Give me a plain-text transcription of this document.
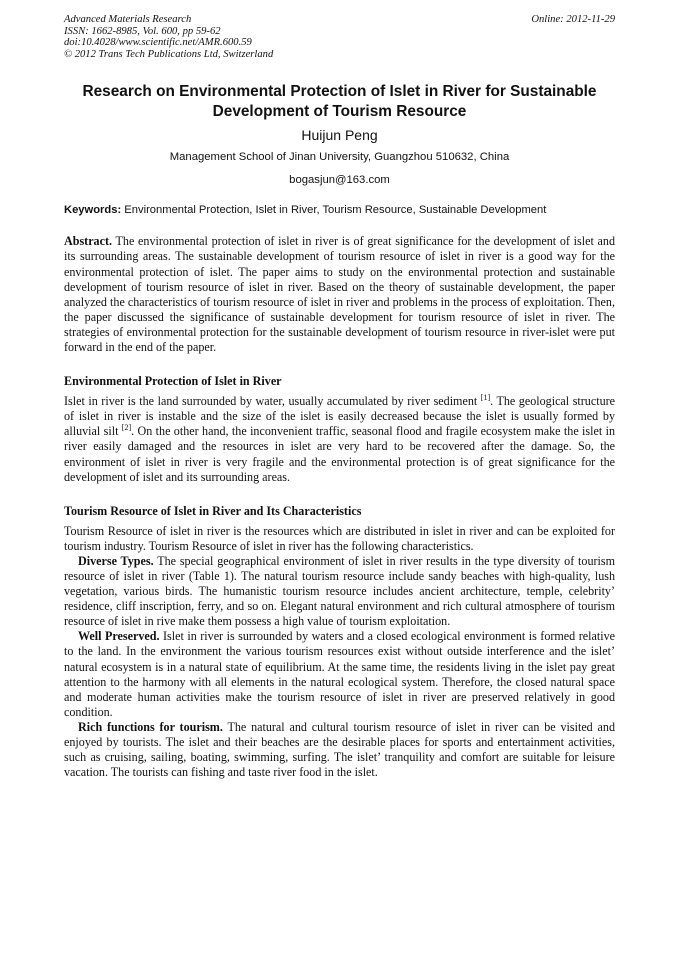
Advanced Materials Research
ISSN: 1662-8985, Vol. 600, pp 59-62
doi:10.4028/www.scientific.net/AMR.600.59
© 2012 Trans Tech Publications Ltd, Switzerland
Online: 2012-11-29
Research on Environmental Protection of Islet in River for Sustainable Development of Tourism Resource
Huijun Peng
Management School of Jinan University, Guangzhou 510632, China
bogasjun@163.com
Keywords: Environmental Protection, Islet in River, Tourism Resource, Sustainable Development

Abstract. The environmental protection of islet in river is of great significance for the development of islet and its surrounding areas. The sustainable development of tourism resource of islet in river is a good way for the environmental protection of islet. The paper aims to study on the environmental protection and sustainable development of tourism resource of islet in river. Based on the theory of sustainable development, the paper analyzed the characteristics of tourism resource of islet in river and problems in the process of exploitation. Then, the paper discussed the significance of sustainable development for tourism resource of islet in river. The strategies of environmental protection for the sustainable development of tourism resource in river-islet were put forward in the end of the paper.

Environmental Protection of Islet in River

Islet in river is the land surrounded by water, usually accumulated by river sediment [1]. The geological structure of islet in river is instable and the size of the islet is easily decreased because the islet is usually formed by alluvial silt [2]. On the other hand, the inconvenient traffic, seasonal flood and fragile ecosystem make the islet in river easily damaged and the resources in islet are very hard to be recovered after the damage. So, the environment of islet in river is very fragile and the environmental protection is of great significance for the development of islet and its surrounding areas.

Tourism Resource of Islet in River and Its Characteristics

Tourism Resource of islet in river is the resources which are distributed in islet in river and can be exploited for tourism industry. Tourism Resource of islet in river has the following characteristics.

Diverse Types. The special geographical environment of islet in river results in the type diversity of tourism resource of islet in river (Table 1). The natural tourism resource include sandy beaches with high-quality, lush vegetation, various birds. The humanistic tourism resource includes ancient architecture, temple, celebrity’ residence, cliff inscription, ferry, and so on. Elegant natural environment and rich cultural atmosphere of tourism resource of islet in rive make them possess a high value of tourism exploitation.

Well Preserved. Islet in river is surrounded by waters and a closed ecological environment is formed relative to the land. In the environment the various tourism resources exist without outside interference and the islet’ natural ecosystem is in a natural state of equilibrium. At the same time, the residents living in the islet pay great attention to the harmony with all elements in the natural ecological system. Therefore, the closed natural space and moderate human activities make the tourism resource of islet in river are preserved relatively in good condition.

Rich functions for tourism. The natural and cultural tourism resource of islet in river can be visited and enjoyed by tourists. The islet and their beaches are the desirable places for sports and entertainment activities, such as cruising, sailing, boating, swimming, surfing. The islet’ tranquility and comfort are suitable for leisure vacation. The tourists can fishing and taste river food in the islet.
